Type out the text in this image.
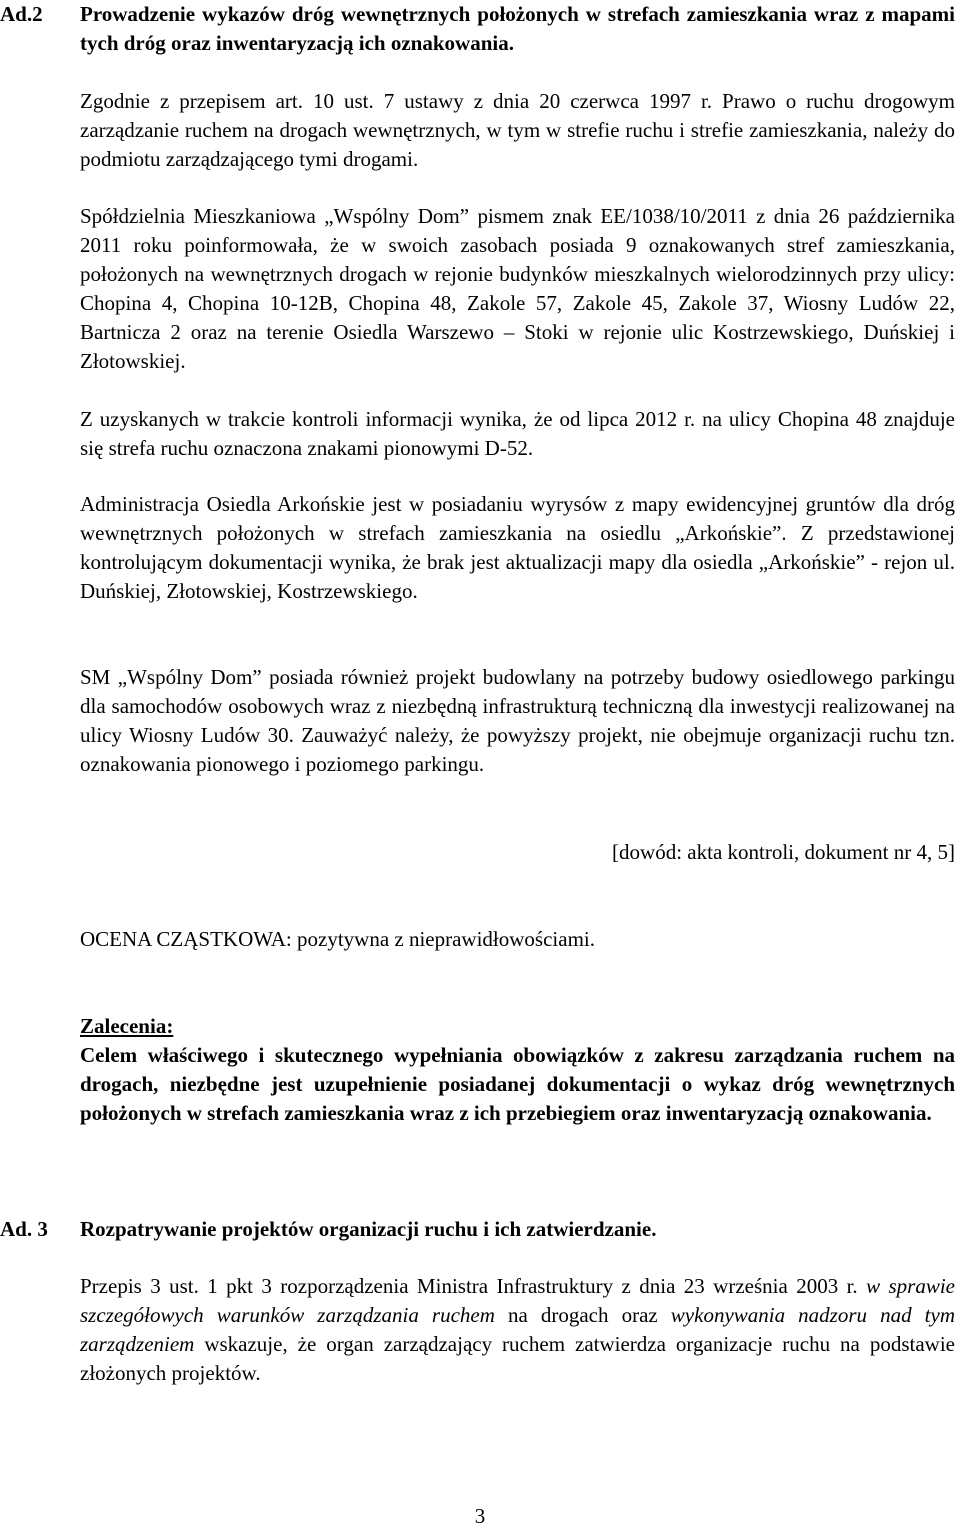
Ad.2 Prowadzenie wykazów dróg wewnętrznych położonych w strefach zamieszkania wraz z mapami tych dróg oraz inwentaryzacją ich oznakowania.

Zgodnie z przepisem art. 10 ust. 7 ustawy z dnia 20 czerwca 1997 r. Prawo o ruchu drogowym zarządzanie ruchem na drogach wewnętrznych, w tym w strefie ruchu i strefie zamieszkania, należy do podmiotu zarządzającego tymi drogami.

Spółdzielnia Mieszkaniowa „Wspólny Dom” pismem znak EE/1038/10/2011 z dnia 26 października 2011 roku poinformowała, że w swoich zasobach posiada 9 oznakowanych stref zamieszkania, położonych na wewnętrznych drogach w rejonie budynków mieszkalnych wielorodzinnych przy ulicy: Chopina 4, Chopina 10-12B, Chopina 48, Zakole 57, Zakole 45, Zakole 37, Wiosny Ludów 22, Bartnicza 2 oraz na terenie Osiedla Warszewo – Stoki w rejonie ulic Kostrzewskiego, Duńskiej i Złotowskiej.

Z uzyskanych w trakcie kontroli informacji wynika, że od lipca 2012 r. na ulicy Chopina 48 znajduje się strefa ruchu oznaczona znakami pionowymi D-52.

Administracja Osiedla Arkońskie jest w posiadaniu wyrysów z mapy ewidencyjnej gruntów dla dróg wewnętrznych położonych w strefach zamieszkania na osiedlu „Arkońskie”. Z przedstawionej kontrolującym dokumentacji wynika, że brak jest aktualizacji mapy dla osiedla „Arkońskie” - rejon ul. Duńskiej, Złotowskiej, Kostrzewskiego.

SM „Wspólny Dom” posiada również projekt budowlany na potrzeby budowy osiedlowego parkingu dla samochodów osobowych wraz z niezbędną infrastrukturą techniczną dla inwestycji realizowanej na ulicy Wiosny Ludów 30. Zauważyć należy, że powyższy projekt, nie obejmuje organizacji ruchu tzn. oznakowania pionowego i poziomego parkingu.

[dowód: akta kontroli, dokument nr 4, 5]
OCENA CZĄSTKOWA: pozytywna z nieprawidłowościami.
Zalecenia:

Celem właściwego i skutecznego wypełniania obowiązków z zakresu zarządzania ruchem na drogach, niezbędne jest uzupełnienie posiadanej dokumentacji o wykaz dróg wewnętrznych położonych w strefach zamieszkania wraz z ich przebiegiem oraz inwentaryzacją oznakowania.

Ad. 3 Rozpatrywanie projektów organizacji ruchu i ich zatwierdzanie.

Przepis 3 ust. 1 pkt 3 rozporządzenia Ministra Infrastruktury z dnia 23 września 2003 r. w sprawie szczegółowych warunków zarządzania ruchem na drogach oraz wykonywania nadzoru nad tym zarządzeniem wskazuje, że organ zarządzający ruchem zatwierdza organizacje ruchu na podstawie złożonych projektów.

3
